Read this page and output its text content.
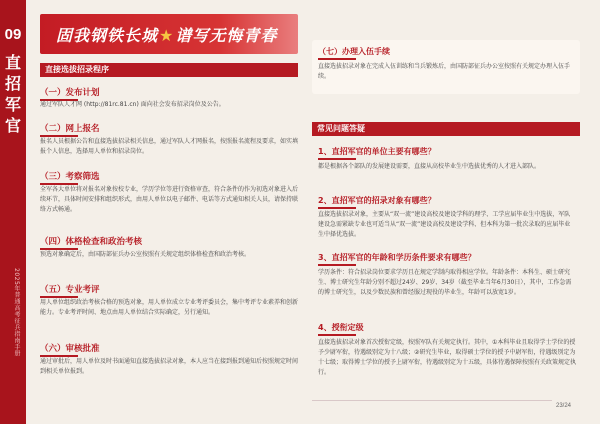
09
直
招
军
官
2025年普通高考征兵指南手册
固我钢铁长城★谱写无悔青春
直接选拔招录程序
（一）发布计划
通过军队人才网 (http://81rc.81.cn) 面向社会发布招录岗位及公告。
（二）网上报名
报名人员根据公告和直接选拔招录相关信息，通过军队人才网报名，按照报名流程及要求，如实填报个人信息，选择用人单位和招录岗位。
（三）考察筛选
全军各大单位将对报名对象按校专业，学历学位等进行资格审查，符合条件的作为初选对象进入后续环节，具体时间安排和组织形式，由用人单位以电子邮件、电话等方式通知相关人员，请保持联络方式畅通。
（四）体格检查和政治考核
预选对象确定后，由国防部征兵办公室按照有关规定组织体格检查和政治考核。
（五）专业考评
用人单位组织政治考核合格的预选对象，用人单位成立专业考评委员会，集中考评专业素养和创新能力。专业考评时间、地点由用人单位结合实际确定，另行通知。
（六）审核批准
通过审批后，用人单位及时书面通知直接选拔招录对象，本人应当在接到报到通知后按照规定时间到相关单位报到。
（七）办理入伍手续
直接选拔招录对象在完成入伍训练和当兵锻炼后，由国防部征兵办公室按照有关规定办理入伍手续。
常见问题答疑
1、直招军官的单位主要有哪些？
都是根据各个部队的发展建设需要，直接从高校毕业生中选拔优秀的人才进入部队。
2、直招军官的招录对象有哪些？
直接选拔招录对象，主要从“双一流”建设高校及建设学科的理学、工学应届毕业生中选拔，军队建设急需紧缺专业也可适当从“双一流”建设高校及建设学科、但本科为第一批次录取的应届毕业生中择优选拔。
3、直招军官的年龄和学历条件要求有哪些？
学历条件：符合招录岗位要求学历且在规定学制内取得相应学位。年龄条件：本科生、硕士研究生、博士研究生年龄分别不超过24岁、29岁、34岁（截至毕业当年6月30日），其中，工作急需的博士研究生，以及少数民族和曾经服过现役的毕业生，年龄可以放宽1岁。
4、授衔定级
直接选拔招录对象首次授衔定级，按照军队有关规定执行。其中，①本科毕业且取得学士学位的授予少尉军衔，待遇级别定为十八级；②研究生毕业，取得硕士学位的授予中尉军衔，待遇级别定为十七级；取得博士学位的授予上尉军衔，待遇级别定为十五级，具体待遇保障按照有关政策规定执行。
23/24
